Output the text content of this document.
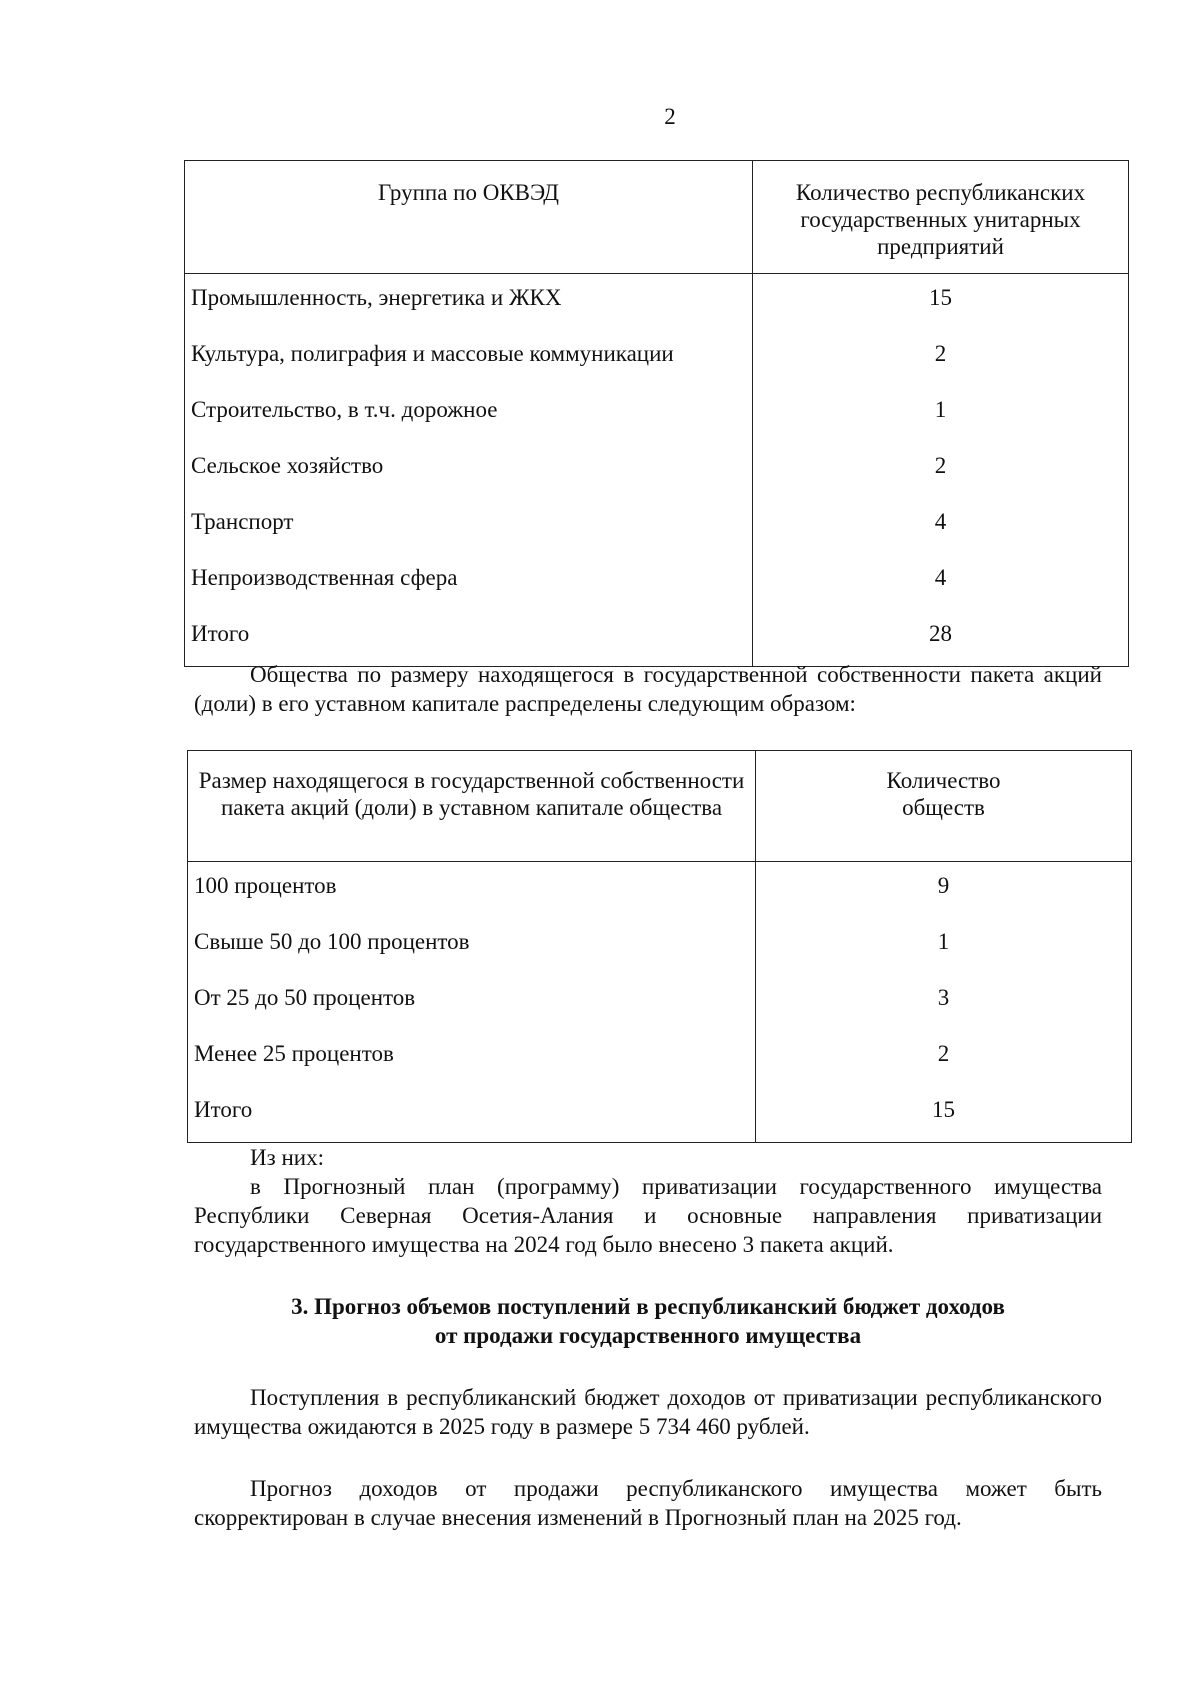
2
Группа по ОКВЭД	Количество республиканских государственных унитарных предприятий
Промышленность, энергетика и ЖКХ	15
Культура, полиграфия и массовые коммуникации	2
Строительство, в т.ч. дорожное	1
Сельское хозяйство	2
Транспорт	4
Непроизводственная сфера	4
Итого	28
Общества по размеру находящегося в государственной собственности пакета акций (доли) в его уставном капитале распределены следующим образом:
Размер находящегося в государственной собственности пакета акций (доли) в уставном капитале общества	Количество обществ
100 процентов	9
Свыше 50 до 100 процентов	1
От 25 до 50 процентов	3
Менее 25 процентов	2
Итого	15
Из них:
в Прогнозный план (программу) приватизации государственного имущества Республики Северная Осетия-Алания и основные направления приватизации государственного имущества на 2024 год было внесено 3 пакета акций.
3. Прогноз объемов поступлений в республиканский бюджет доходов
от продажи государственного имущества
Поступления в республиканский бюджет доходов от приватизации республиканского имущества ожидаются в 2025 году в размере 5 734 460 рублей.
Прогноз доходов от продажи республиканского имущества может быть скорректирован в случае внесения изменений в Прогнозный план на 2025 год.
